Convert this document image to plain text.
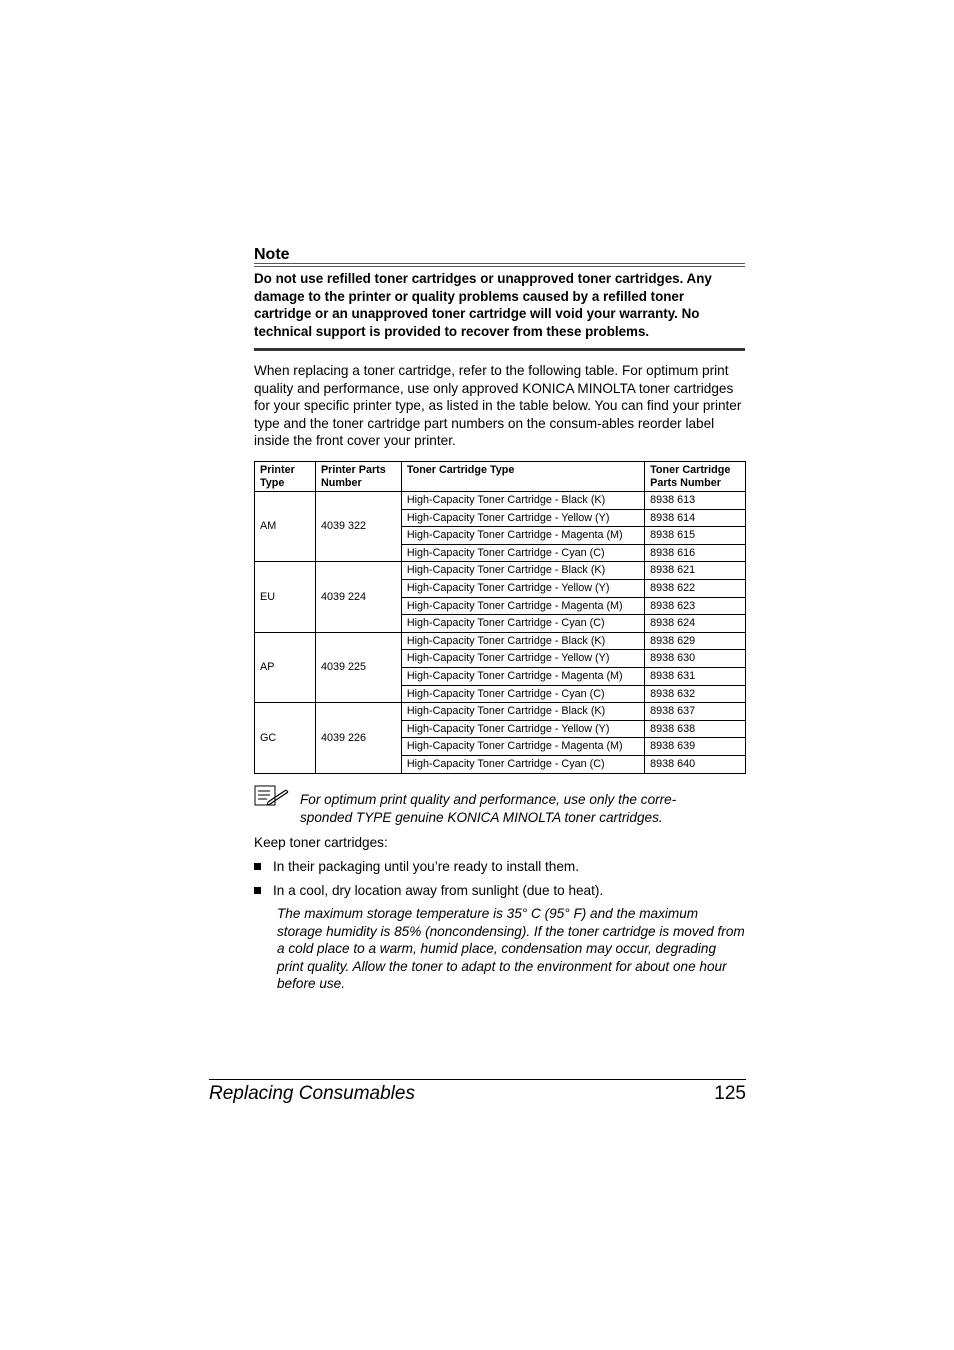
Note
Do not use refilled toner cartridges or unapproved toner cartridges. Any damage to the printer or quality problems caused by a refilled toner cartridge or an unapproved toner cartridge will void your warranty. No technical support is provided to recover from these problems.
When replacing a toner cartridge, refer to the following table. For optimum print quality and performance, use only approved KONICA MINOLTA toner cartridges for your specific printer type, as listed in the table below. You can find your printer type and the toner cartridge part numbers on the consum-ables reorder label inside the front cover your printer.
Printer Type	Printer Parts Number	Toner Cartridge Type	Toner Cartridge Parts Number
AM	4039 322	High-Capacity Toner Cartridge - Black (K)	8938 613
		High-Capacity Toner Cartridge - Yellow (Y)	8938 614
		High-Capacity Toner Cartridge - Magenta (M)	8938 615
		High-Capacity Toner Cartridge - Cyan (C)	8938 616
EU	4039 224	High-Capacity Toner Cartridge - Black (K)	8938 621
		High-Capacity Toner Cartridge - Yellow (Y)	8938 622
		High-Capacity Toner Cartridge - Magenta (M)	8938 623
		High-Capacity Toner Cartridge - Cyan (C)	8938 624
AP	4039 225	High-Capacity Toner Cartridge - Black (K)	8938 629
		High-Capacity Toner Cartridge - Yellow (Y)	8938 630
		High-Capacity Toner Cartridge - Magenta (M)	8938 631
		High-Capacity Toner Cartridge - Cyan (C)	8938 632
GC	4039 226	High-Capacity Toner Cartridge - Black (K)	8938 637
		High-Capacity Toner Cartridge - Yellow (Y)	8938 638
		High-Capacity Toner Cartridge - Magenta (M)	8938 639
		High-Capacity Toner Cartridge - Cyan (C)	8938 640
For optimum print quality and performance, use only the corre-sponded TYPE genuine KONICA MINOLTA toner cartridges.
Keep toner cartridges:
In their packaging until you’re ready to install them.
In a cool, dry location away from sunlight (due to heat).
The maximum storage temperature is 35° C (95° F) and the maximum storage humidity is 85% (noncondensing). If the toner cartridge is moved from a cold place to a warm, humid place, condensation may occur, degrading print quality. Allow the toner to adapt to the environment for about one hour before use.
Replacing Consumables	125
